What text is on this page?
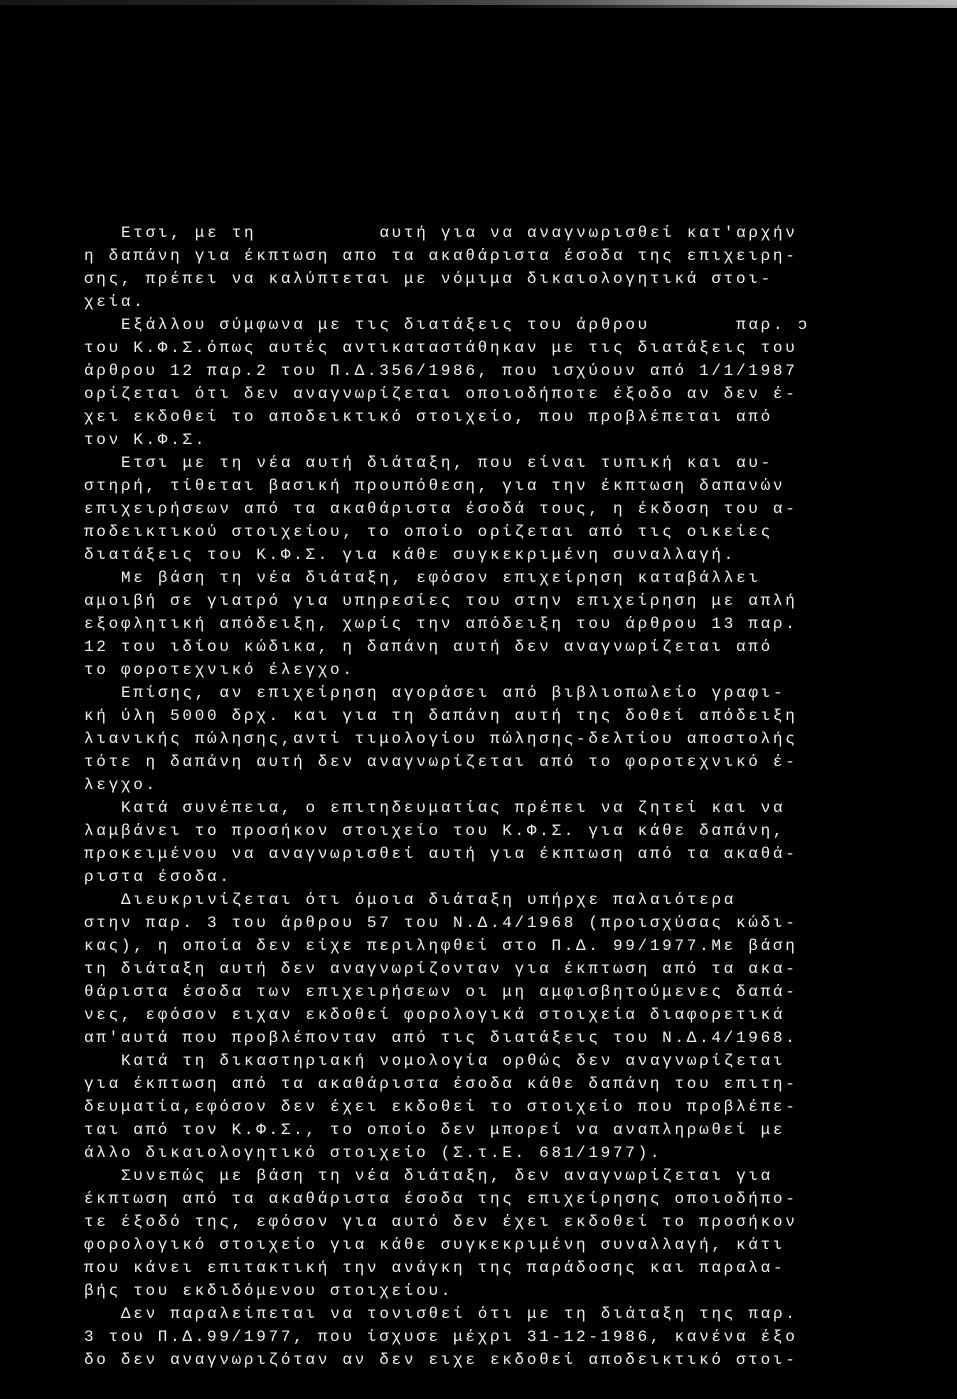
Ετσι, με τη          αυτή για να αναγνωρισθεί κατ'αρχήν
η δαπάνη για έκπτωση απο τα ακαθάριστα έσοδα της επιχειρη-
σης, πρέπει να καλύπτεται με νόμιμα δικαιολογητικά στοι-
χεία.
Εξάλλου σύμφωνα με τις διατάξεις του άρθρου       παρ. ɔ
του Κ.Φ.Σ.όπως αυτές αντικαταστάθηκαν με τις διατάξεις του
άρθρου 12 παρ.2 του Π.Δ.356/1986, που ισχύουν από 1/1/1987
ορίζεται ότι δεν αναγνωρίζεται οποιοδήποτε έξοδο αν δεν έ-
χει εκδοθεί το αποδεικτικό στοιχείο, που προβλέπεται από
τον Κ.Φ.Σ.
Ετσι με τη νέα αυτή διάταξη, που είναι τυπική και αυ-
στηρή, τίθεται βασική προυπόθεση, για την έκπτωση δαπανών
επιχειρήσεων από τα ακαθάριστα έσοδά τους, η έκδοση του α-
ποδεικτικού στοιχείου, το οποίο ορίζεται από τις οικείες
διατάξεις του Κ.Φ.Σ. για κάθε συγκεκριμένη συναλλαγή.
Με βάση τη νέα διάταξη, εφόσον επιχείρηση καταβάλλει
αμοιβή σε γιατρό για υπηρεσίες του στην επιχείρηση με απλή
εξοφλητική απόδειξη, χωρίς την απόδειξη του άρθρου 13 παρ.
12 του ιδίου κώδικα, η δαπάνη αυτή δεν αναγνωρίζεται από
το φοροτεχνικό έλεγχο.
Επίσης, αν επιχείρηση αγοράσει από βιβλιοπωλείο γραφι-
κή ύλη 5000 δρχ. και για τη δαπάνη αυτή της δοθεί απόδειξη
λιανικής πώλησης,αντί τιμολογίου πώλησης-δελτίου αποστολής
τότε η δαπάνη αυτή δεν αναγνωρίζεται από το φοροτεχνικό έ-
λεγχο.
Κατά συνέπεια, ο επιτηδευματίας πρέπει να ζητεί και να
λαμβάνει το προσήκον στοιχείο του Κ.Φ.Σ. για κάθε δαπάνη,
προκειμένου να αναγνωρισθεί αυτή για έκπτωση από τα ακαθά-
ριστα έσοδα.
Διευκρινίζεται ότι όμοια διάταξη υπήρχε παλαιότερα
στην παρ. 3 του άρθρου 57 του Ν.Δ.4/1968 (προισχύσας κώδι-
κας), η οποία δεν είχε περιληφθεί στο Π.Δ. 99/1977.Με βάση
τη διάταξη αυτή δεν αναγνωρίζονταν για έκπτωση από τα ακα-
θάριστα έσοδα των επιχειρήσεων οι μη αμφισβητούμενες δαπά-
νες, εφόσον ειχαν εκδοθεί φορολογικά στοιχεία διαφορετικά
απ'αυτά που προβλέπονταν από τις διατάξεις του Ν.Δ.4/1968.
Κατά τη δικαστηριακή νομολογία ορθώς δεν αναγνωρίζεται
για έκπτωση από τα ακαθάριστα έσοδα κάθε δαπάνη του επιτη-
δευματία,εφόσον δεν έχει εκδοθεί το στοιχείο που προβλέπε-
ται από τον Κ.Φ.Σ., το οποίο δεν μπορεί να αναπληρωθεί με
άλλο δικαιολογητικό στοιχείο (Σ.τ.Ε. 681/1977).
Συνεπώς με βάση τη νέα διάταξη, δεν αναγνωρίζεται για
έκπτωση από τα ακαθάριστα έσοδα της επιχείρησης οποιοδήπο-
τε έξοδό της, εφόσον για αυτό δεν έχει εκδοθεί το προσήκον
φορολογικό στοιχείο για κάθε συγκεκριμένη συναλλαγή, κάτι
που κάνει επιτακτική την ανάγκη της παράδοσης και παραλα-
βής του εκδιδόμενου στοιχείου.
Δεν παραλείπεται να τονισθεί ότι με τη διάταξη της παρ.
3 του Π.Δ.99/1977, που ίσχυσε μέχρι 31-12-1986, κανένα έξο
δο δεν αναγνωριζόταν αν δεν ειχε εκδοθεί αποδεικτικό στοι-
